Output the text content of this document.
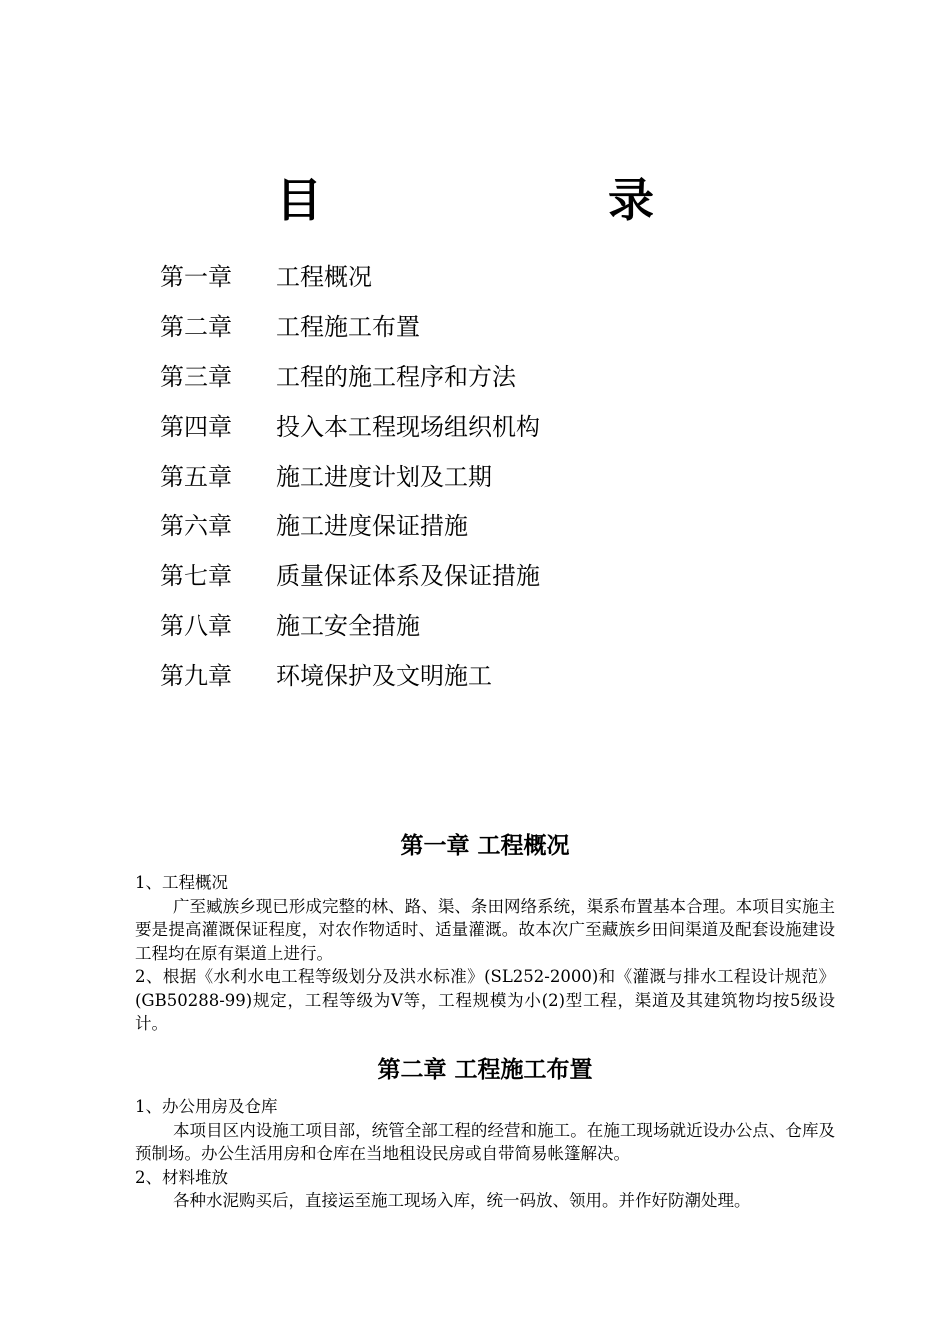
目　录
第一章	工程概况
第二章	工程施工布置
第三章	工程的施工程序和方法
第四章	投入本工程现场组织机构
第五章	施工进度计划及工期
第六章	施工进度保证措施
第七章	质量保证体系及保证措施
第八章	施工安全措施
第九章	环境保护及文明施工
第一章 工程概况

1、工程概况

广至臧族乡现已形成完整的林、路、渠、条田网络系统，渠系布置基本合理。本项目实施主要是提高灌溉保证程度，对农作物适时、适量灌溉。故本次广至藏族乡田间渠道及配套设施建设工程均在原有渠道上进行。

2、根据《水利水电工程等级划分及洪水标准》(SL252-2000)和《灌溉与排水工程设计规范》(GB50288-99)规定，工程等级为Ⅴ等，工程规模为小(2)型工程，渠道及其建筑物均按5级设计。

第二章 工程施工布置

1、办公用房及仓库

本项目区内设施工项目部，统管全部工程的经营和施工。在施工现场就近设办公点、仓库及预制场。办公生活用房和仓库在当地租设民房或自带简易帐篷解决。

2、材料堆放

各种水泥购买后，直接运至施工现场入库，统一码放、领用。并作好防潮处理。
